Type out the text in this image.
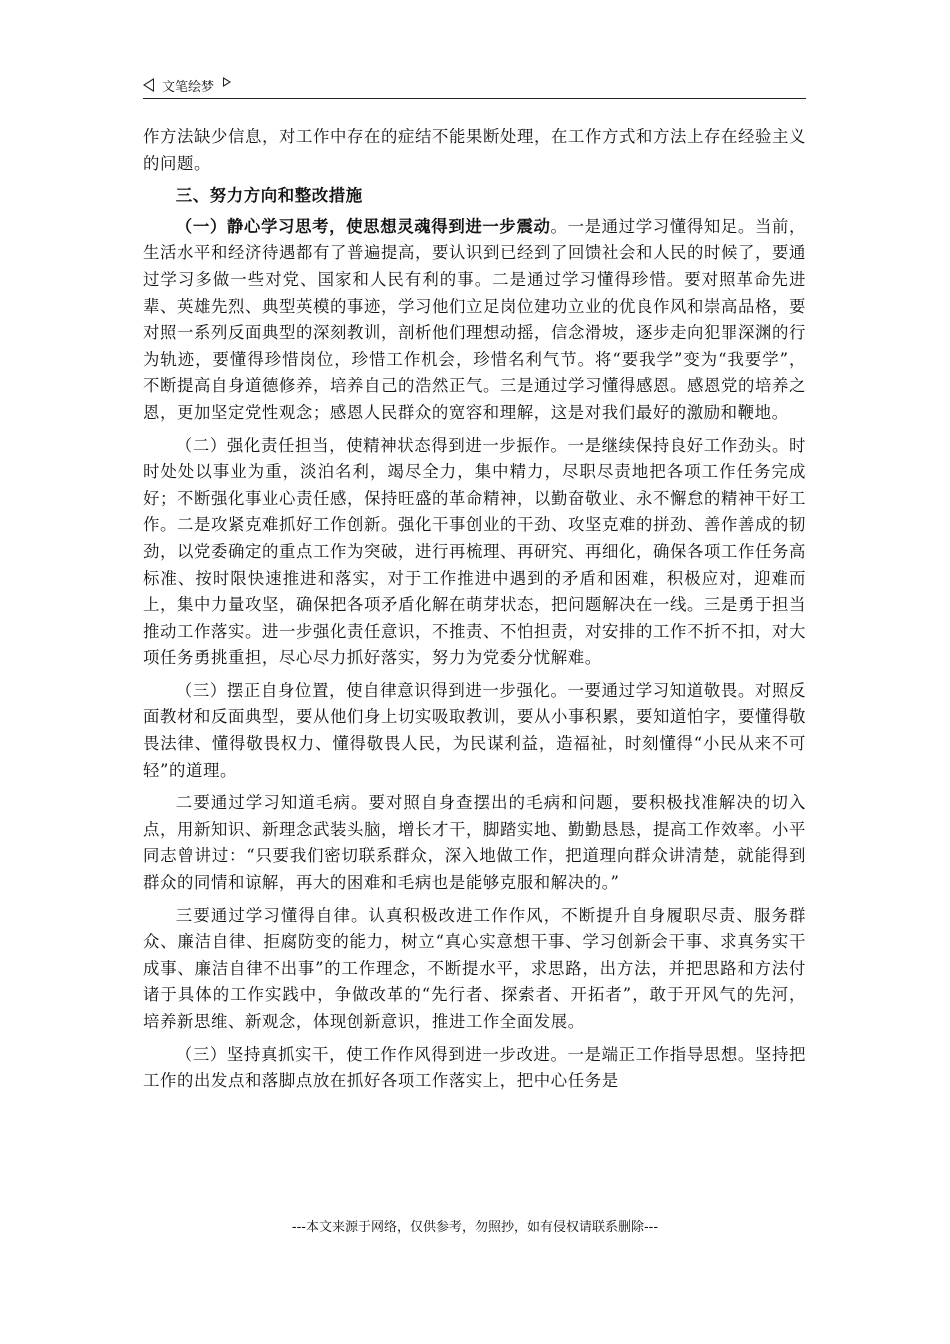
文笔绘梦

作方法缺少信息，对工作中存在的症结不能果断处理，在工作方式和方法上存在经验主义的问题。

三、努力方向和整改措施

（一）静心学习思考，使思想灵魂得到进一步震动。一是通过学习懂得知足。当前，生活水平和经济待遇都有了普遍提高，要认识到已经到了回馈社会和人民的时候了，要通过学习多做一些对党、国家和人民有利的事。二是通过学习懂得珍惜。要对照革命先进辈、英雄先烈、典型英模的事迹，学习他们立足岗位建功立业的优良作风和崇高品格，要对照一系列反面典型的深刻教训，剖析他们理想动摇，信念滑坡，逐步走向犯罪深渊的行为轨迹，要懂得珍惜岗位，珍惜工作机会，珍惜名利气节。将“要我学”变为“我要学”，不断提高自身道德修养，培养自己的浩然正气。三是通过学习懂得感恩。感恩党的培养之恩，更加坚定党性观念；感恩人民群众的宽容和理解，这是对我们最好的激励和鞭地。

（二）强化责任担当，使精神状态得到进一步振作。一是继续保持良好工作劲头。时时处处以事业为重，淡泊名利，竭尽全力，集中精力，尽职尽责地把各项工作任务完成好；不断强化事业心责任感，保持旺盛的革命精神，以勤奋敬业、永不懈怠的精神干好工作。二是攻紧克难抓好工作创新。强化干事创业的干劲、攻坚克难的拼劲、善作善成的韧劲，以党委确定的重点工作为突破，进行再梳理、再研究、再细化，确保各项工作任务高标准、按时限快速推进和落实，对于工作推进中遇到的矛盾和困难，积极应对，迎难而上，集中力量攻坚，确保把各项矛盾化解在萌芽状态，把问题解决在一线。三是勇于担当推动工作落实。进一步强化责任意识，不推责、不怕担责，对安排的工作不折不扣，对大项任务勇挑重担，尽心尽力抓好落实，努力为党委分忧解难。

（三）摆正自身位置，使自律意识得到进一步强化。一要通过学习知道敬畏。对照反面教材和反面典型，要从他们身上切实吸取教训，要从小事积累，要知道怕字，要懂得敬畏法律、懂得敬畏权力、懂得敬畏人民，为民谋利益，造福祉，时刻懂得“小民从来不可轻”的道理。

二要通过学习知道毛病。要对照自身查摆出的毛病和问题，要积极找准解决的切入点，用新知识、新理念武装头脑，增长才干，脚踏实地、勤勤恳恳，提高工作效率。小平同志曾讲过：“只要我们密切联系群众，深入地做工作，把道理向群众讲清楚，就能得到群众的同情和谅解，再大的困难和毛病也是能够克服和解决的。”

三要通过学习懂得自律。认真积极改进工作作风，不断提升自身履职尽责、服务群众、廉洁自律、拒腐防变的能力，树立“真心实意想干事、学习创新会干事、求真务实干成事、廉洁自律不出事”的工作理念，不断提水平，求思路，出方法，并把思路和方法付诸于具体的工作实践中，争做改革的“先行者、探索者、开拓者”，敢于开风气的先河，培养新思维、新观念，体现创新意识，推进工作全面发展。

（三）坚持真抓实干，使工作作风得到进一步改进。一是端正工作指导思想。坚持把工作的出发点和落脚点放在抓好各项工作落实上，把中心任务是

---本文来源于网络，仅供参考，勿照抄，如有侵权请联系删除---
